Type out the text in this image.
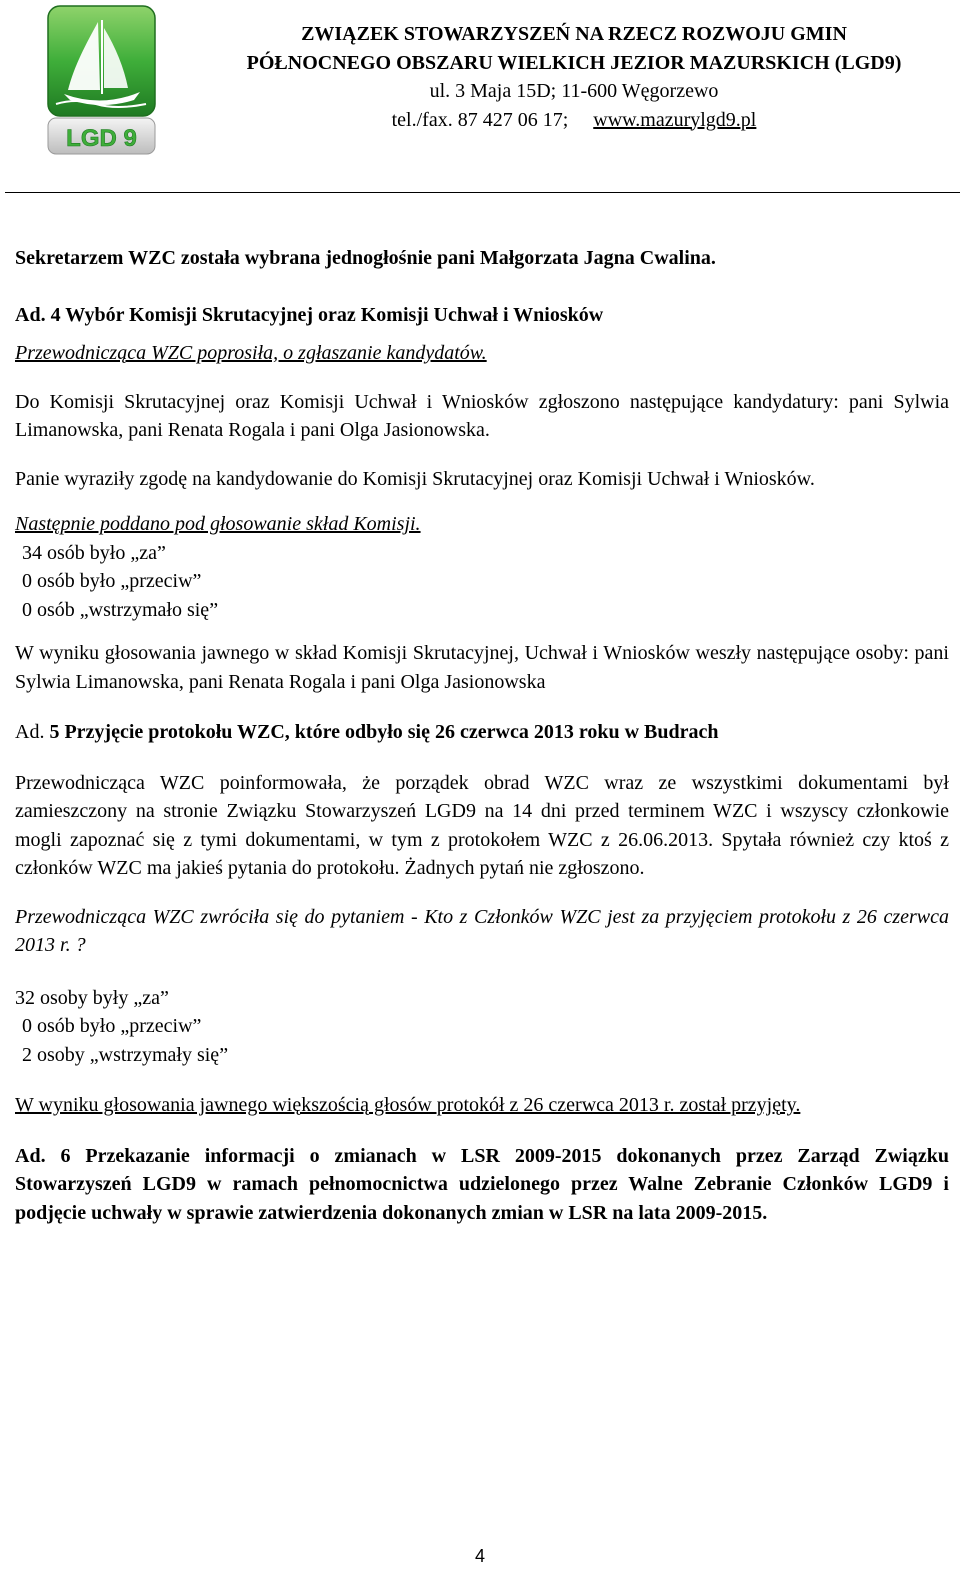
LGD 9
ZWIĄZEK STOWARZYSZEŃ NA RZECZ ROZWOJU GMIN
PÓŁNOCNEGO OBSZARU WIELKICH JEZIOR MAZURSKICH (LGD9)
ul. 3 Maja 15D; 11-600 Węgorzewo
tel./fax. 87 427 06 17; www.mazurylgd9.pl

Sekretarzem WZC została wybrana jednogłośnie pani Małgorzata Jagna Cwalina.

Ad. 4 Wybór Komisji Skrutacyjnej oraz Komisji Uchwał i Wniosków

Przewodnicząca WZC poprosiła, o zgłaszanie kandydatów.

Do Komisji Skrutacyjnej oraz Komisji Uchwał i Wniosków zgłoszono następujące kandydatury: pani Sylwia Limanowska, pani Renata Rogala i pani Olga Jasionowska.

Panie wyraziły zgodę na kandydowanie do Komisji Skrutacyjnej oraz Komisji Uchwał i Wniosków.

Następnie poddano pod głosowanie skład Komisji.

34 osób było „za”

0 osób było „przeciw”

0 osób „wstrzymało się”

W wyniku głosowania jawnego w skład Komisji Skrutacyjnej, Uchwał i Wniosków weszły następujące osoby: pani Sylwia Limanowska, pani Renata Rogala i pani Olga Jasionowska

Ad. 5 Przyjęcie protokołu WZC, które odbyło się 26 czerwca 2013 roku w Budrach

Przewodnicząca WZC poinformowała, że porządek obrad WZC wraz ze wszystkimi dokumentami był zamieszczony na stronie Związku Stowarzyszeń LGD9 na 14 dni przed terminem WZC i wszyscy członkowie mogli zapoznać się z tymi dokumentami, w tym z protokołem WZC z 26.06.2013. Spytała również czy ktoś z członków WZC ma jakieś pytania do protokołu. Żadnych pytań nie zgłoszono.

Przewodnicząca WZC zwróciła się do pytaniem - Kto z Członków WZC jest za przyjęciem protokołu z 26 czerwca 2013 r. ?

32 osoby były „za”

0 osób było „przeciw”

2 osoby „wstrzymały się”

W wyniku głosowania jawnego większością głosów protokół z 26 czerwca 2013 r. został przyjęty.

Ad. 6 Przekazanie informacji o zmianach w LSR 2009-2015 dokonanych przez Zarząd Związku Stowarzyszeń LGD9 w ramach pełnomocnictwa udzielonego przez Walne Zebranie Członków LGD9 i podjęcie uchwały w sprawie zatwierdzenia dokonanych zmian w LSR na lata 2009-2015.

4
